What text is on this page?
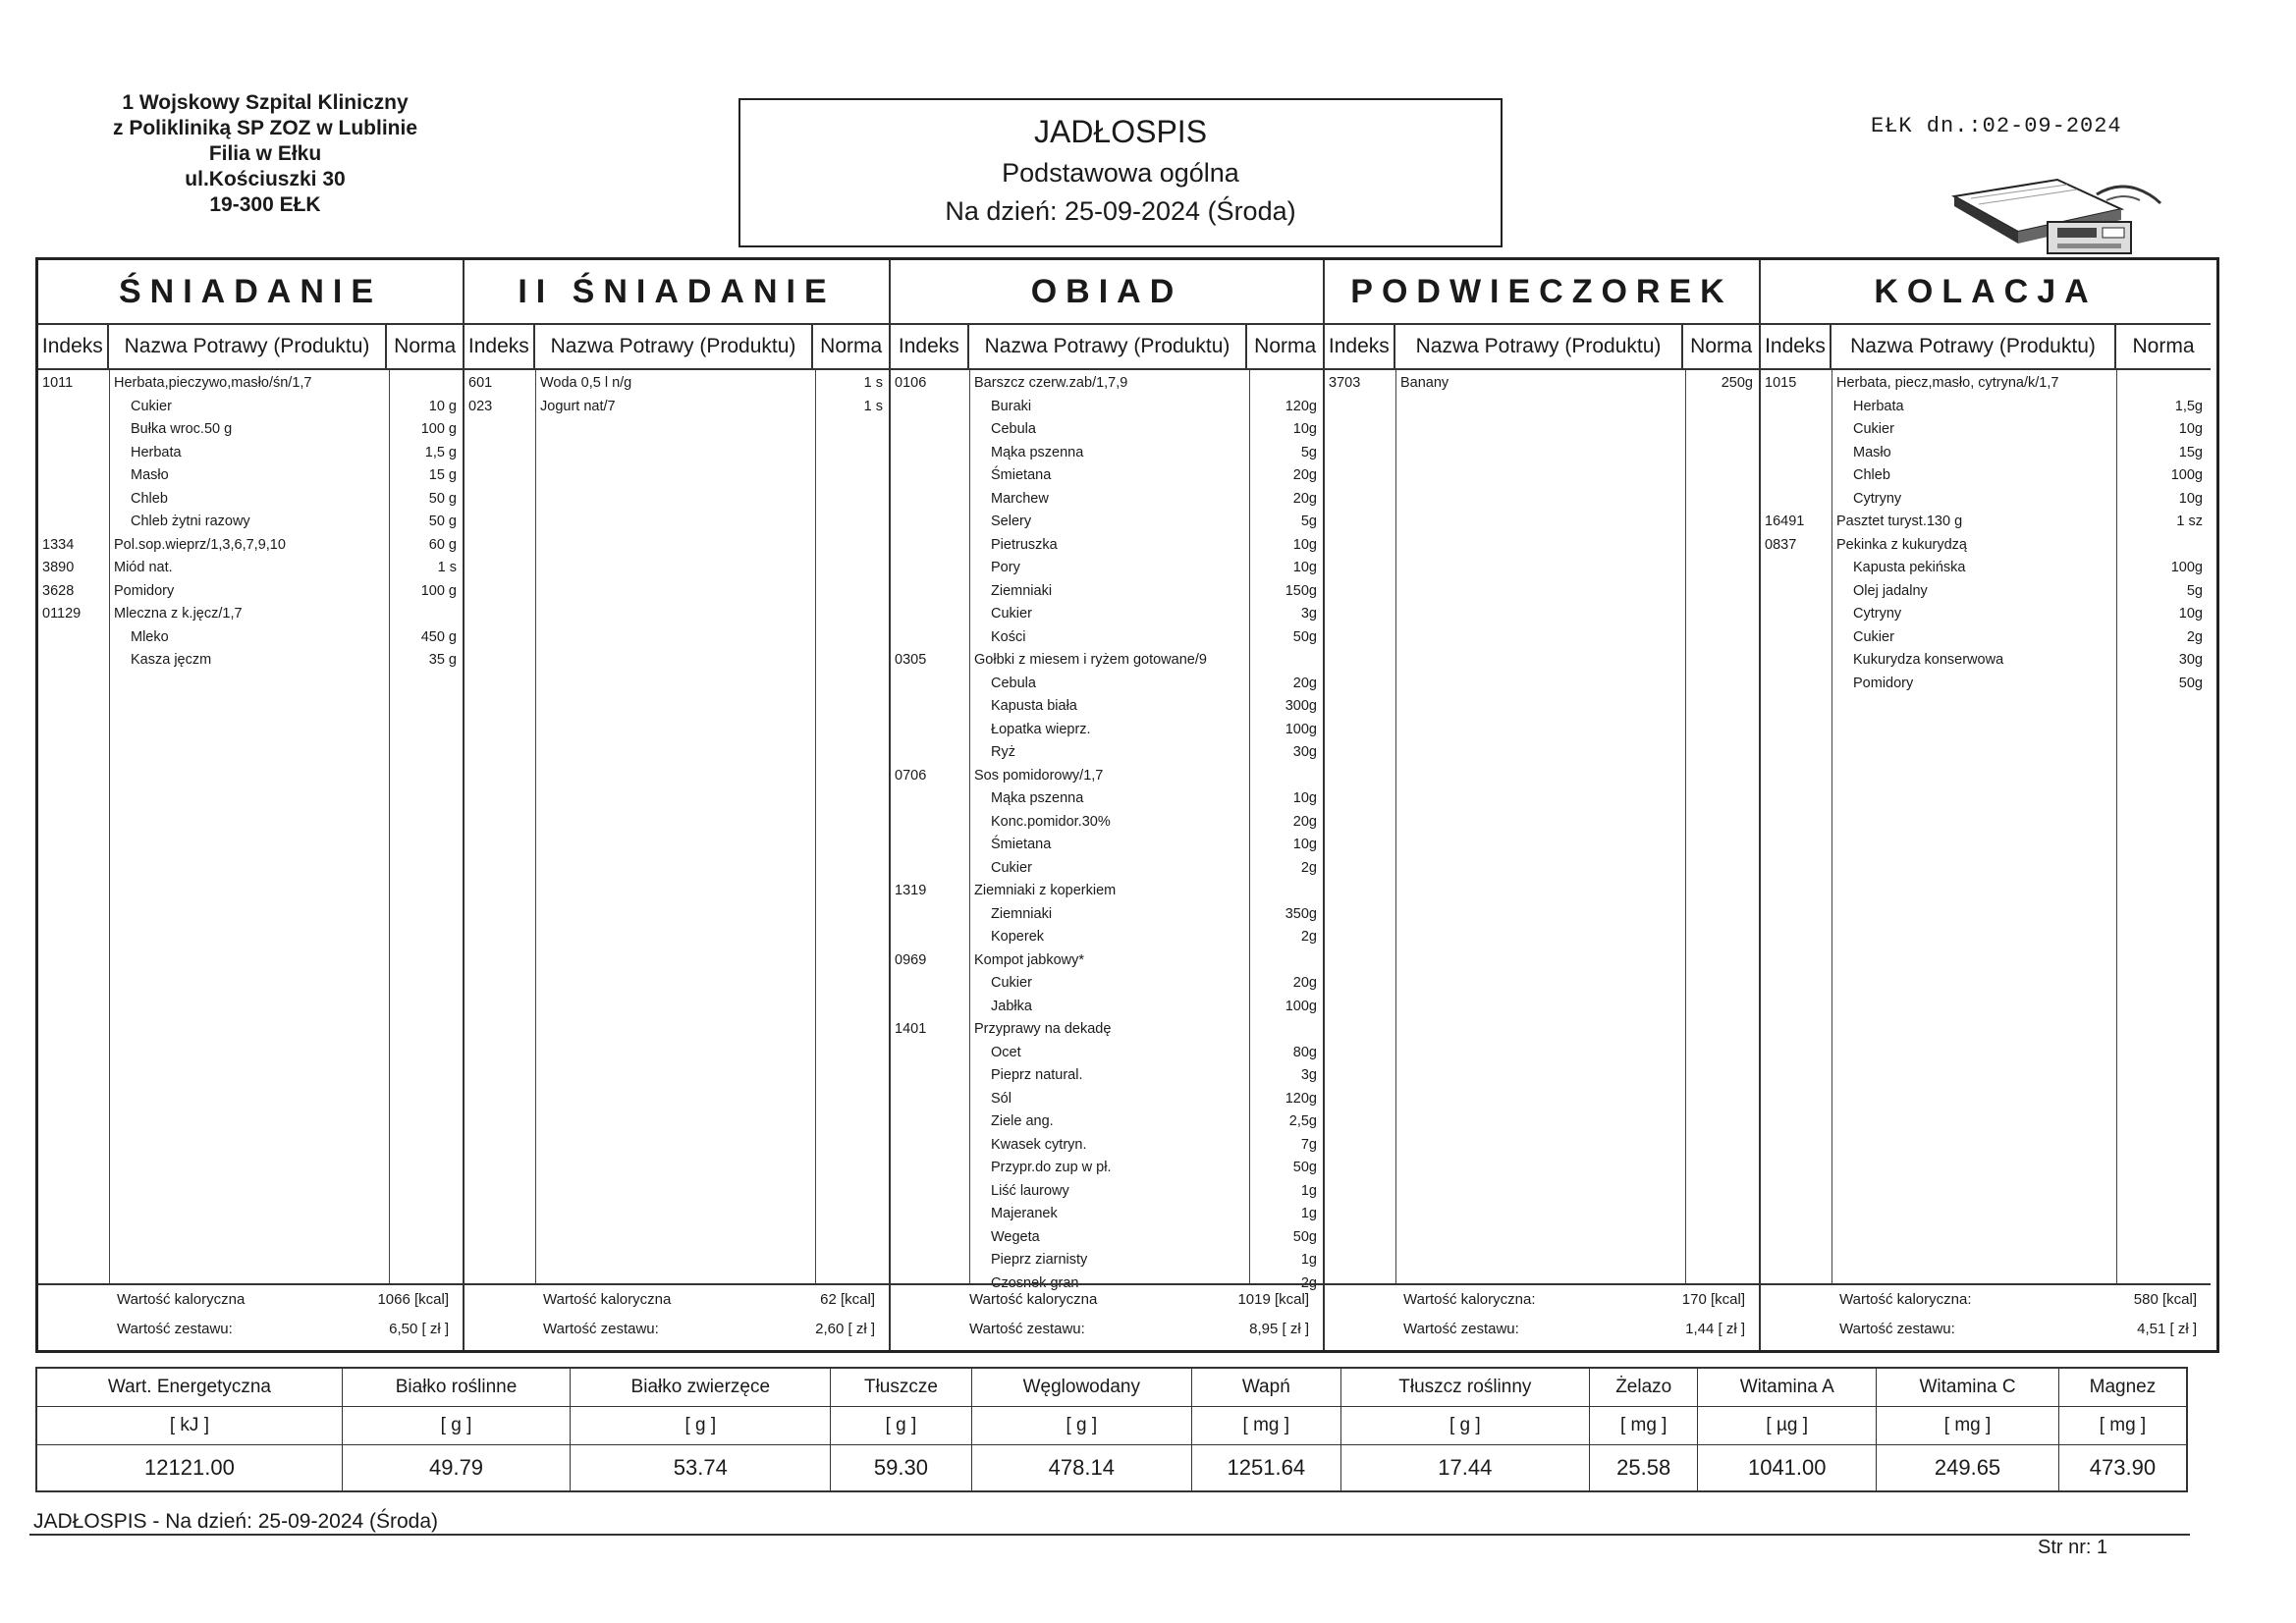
1 Wojskowy Szpital Kliniczny
z Polikliniką SP ZOZ w Lublinie
Filia w Ełku
ul.Kościuszki 30
19-300 EŁK
JADŁOSPIS
Podstawowa ogólna
Na dzień: 25-09-2024 (Środa)
EŁK dn.:02-09-2024
ŚNIADANIE
Indeks	Nazwa Potrawy (Produktu)	Norma
1011	Herbata,pieczywo,masło/śn/1,7
Cukier	10 g
Bułka wroc.50 g	100 g
Herbata	1,5 g
Masło	15 g
Chleb	50 g
Chleb żytni razowy	50 g
1334	Pol.sop.wieprz/1,3,6,7,9,10	60 g
3890	Miód nat.	1 s
3628	Pomidory	100 g
01129 Mleczna z k.jęcz/1,7
Mleko	450 g
Kasza jęczm	35 g
Wartość kaloryczna	1066 [kcal]
Wartość zestawu:	6,50 [ zł ]
II ŚNIADANIE
Indeks	Nazwa Potrawy (Produktu)	Norma
601	Woda 0,5 l n/g	1 s
023	Jogurt nat/7	1 s
Wartość kaloryczna	62 [kcal]
Wartość zestawu:	2,60 [ zł ]
OBIAD
Indeks	Nazwa Potrawy (Produktu)	Norma
0106	Barszcz czerw.zab/1,7,9
Buraki	120g
Cebula	10g
Mąka pszenna	5g
Śmietana	20g
Marchew	20g
Selery	5g
Pietruszka	10g
Pory	10g
Ziemniaki	150g
Cukier	3g
Kości	50g
0305	Gołbki z miesem i ryżem gotowane/9
Cebula	20g
Kapusta biała	300g
Łopatka wieprz.	100g
Ryż	30g
0706	Sos pomidorowy/1,7
Mąka pszenna	10g
Konc.pomidor.30%	20g
Śmietana	10g
Cukier	2g
1319	Ziemniaki z koperkiem
Ziemniaki	350g
Koperek	2g
0969	Kompot jabkowy*
Cukier	20g
Jabłka	100g
1401	Przyprawy na dekadę
Ocet	80g
Pieprz natural.	3g
Sól	120g
Ziele ang.	2,5g
Kwasek cytryn.	7g
Przypr.do zup w pł.	50g
Liść laurowy	1g
Majeranek	1g
Wegeta	50g
Pieprz ziarnisty	1g
Czosnek gran	2g
Wartość kaloryczna	1019 [kcal]
Wartość zestawu:	8,95 [ zł ]
PODWIECZOREK
Indeks	Nazwa Potrawy (Produktu)	Norma
3703	Banany	250g
Wartość kaloryczna:	170 [kcal]
Wartość zestawu:	1,44 [ zł ]
KOLACJA
Indeks	Nazwa Potrawy (Produktu)	Norma
1015	Herbata, piecz,masło, cytryna/k/1,7
Herbata	1,5g
Cukier	10g
Masło	15g
Chleb	100g
Cytryny	10g
16491 Pasztet turyst.130 g	1 sz
0837	Pekinka z kukurydzą
Kapusta pekińska	100g
Olej jadalny	5g
Cytryny	10g
Cukier	2g
Kukurydza konserwowa	30g
Pomidory	50g
Wartość kaloryczna:	580 [kcal]
Wartość zestawu:	4,51 [ zł ]
Wart. Energetyczna	Białko roślinne	Białko zwierzęce	Tłuszcze	Węglowodany	Wapń	Tłuszcz roślinny	Żelazo	Witamina A	Witamina C	Magnez
[ kJ ]	[ g ]	[ g ]	[ g ]	[ g ]	[ mg ]	[ g ]	[ mg ]	[ µg ]	[ mg ]	[ mg ]
12121.00	49.79	53.74	59.30	478.14	1251.64	17.44	25.58	1041.00	249.65	473.90
JADŁOSPIS - Na dzień: 25-09-2024 (Środa)
Str nr: 1
